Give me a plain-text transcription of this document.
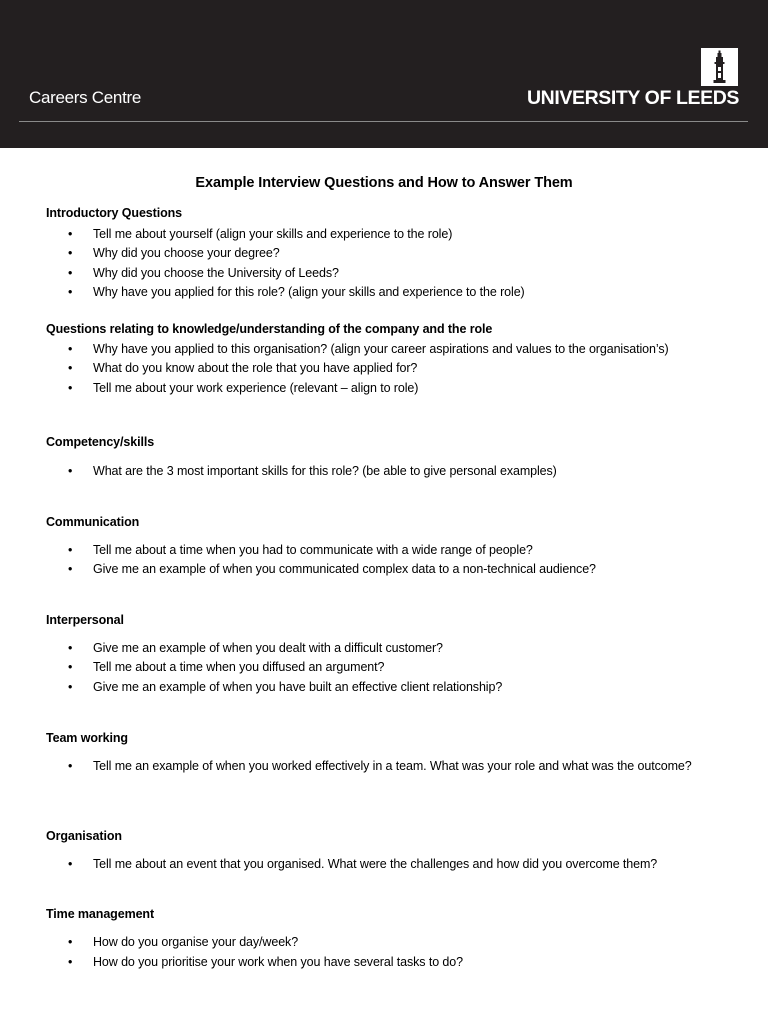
Careers Centre	UNIVERSITY OF LEEDS
Example Interview Questions and How to Answer Them
Introductory Questions
• Tell me about yourself (align your skills and experience to the role)
• Why did you choose your degree?
• Why did you choose the University of Leeds?
• Why have you applied for this role? (align your skills and experience to the role)
Questions relating to knowledge/understanding of the company and the role
• Why have you applied to this organisation? (align your career aspirations and values to the organisation’s)
• What do you know about the role that you have applied for?
• Tell me about your work experience (relevant – align to role)
Competency/skills
• What are the 3 most important skills for this role? (be able to give personal examples)
Communication
• Tell me about a time when you had to communicate with a wide range of people?
• Give me an example of when you communicated complex data to a non-technical audience?
Interpersonal
• Give me an example of when you dealt with a difficult customer?
• Tell me about a time when you diffused an argument?
• Give me an example of when you have built an effective client relationship?
Team working
• Tell me an example of when you worked effectively in a team. What was your role and what was the outcome?
Organisation
• Tell me about an event that you organised. What were the challenges and how did you overcome them?
Time management
• How do you organise your day/week?
• How do you prioritise your work when you have several tasks to do?
